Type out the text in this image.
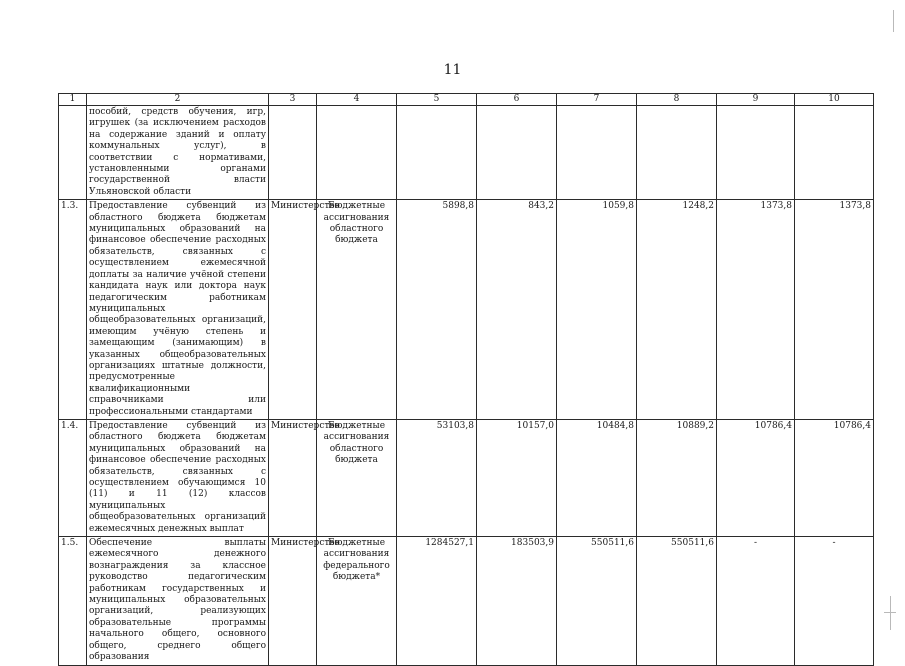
11
1	2	3	4	5	6	7	8	9	10
	пособий, средств обучения, игр, игрушек (за исключением расходов на содержание зданий и оплату коммунальных услуг), в соответствии с нормативами, установленными органами государственной власти Ульяновской области								
1.3.	Предоставление субвенций из областного бюджета бюджетам муниципальных образований на финансовое обеспечение расходных обязательств, связанных с осуществлением ежемесячной доплаты за наличие учёной степени кандидата наук или доктора наук педагогическим работникам муниципальных общеобразовательных организаций, имеющим учёную степень и замещающим (занимающим) в указанных общеобразовательных организациях штатные должности, предусмотренные квалификационными справочниками или профессиональными стандартами	Министерство	Бюджетные ассигнования областного бюджета	5898,8	843,2	1059,8	1248,2	1373,8	1373,8
1.4.	Предоставление субвенций из областного бюджета бюджетам муниципальных образований на финансовое обеспечение расходных обязательств, связанных с осуществлением обучающимся 10 (11) и 11 (12) классов муниципальных общеобразовательных организаций ежемесячных денежных выплат	Министерство	Бюджетные ассигнования областного бюджета	53103,8	10157,0	10484,8	10889,2	10786,4	10786,4
1.5.	Обеспечение выплаты ежемесячного денежного вознаграждения за классное руководство педагогическим работникам государственных и муниципальных образовательных организаций, реализующих образовательные программы начального общего, основного общего, среднего общего образования	Министерство	Бюджетные ассигнования федерального бюджета*	1284527,1	183503,9	550511,6	550511,6	-	-
